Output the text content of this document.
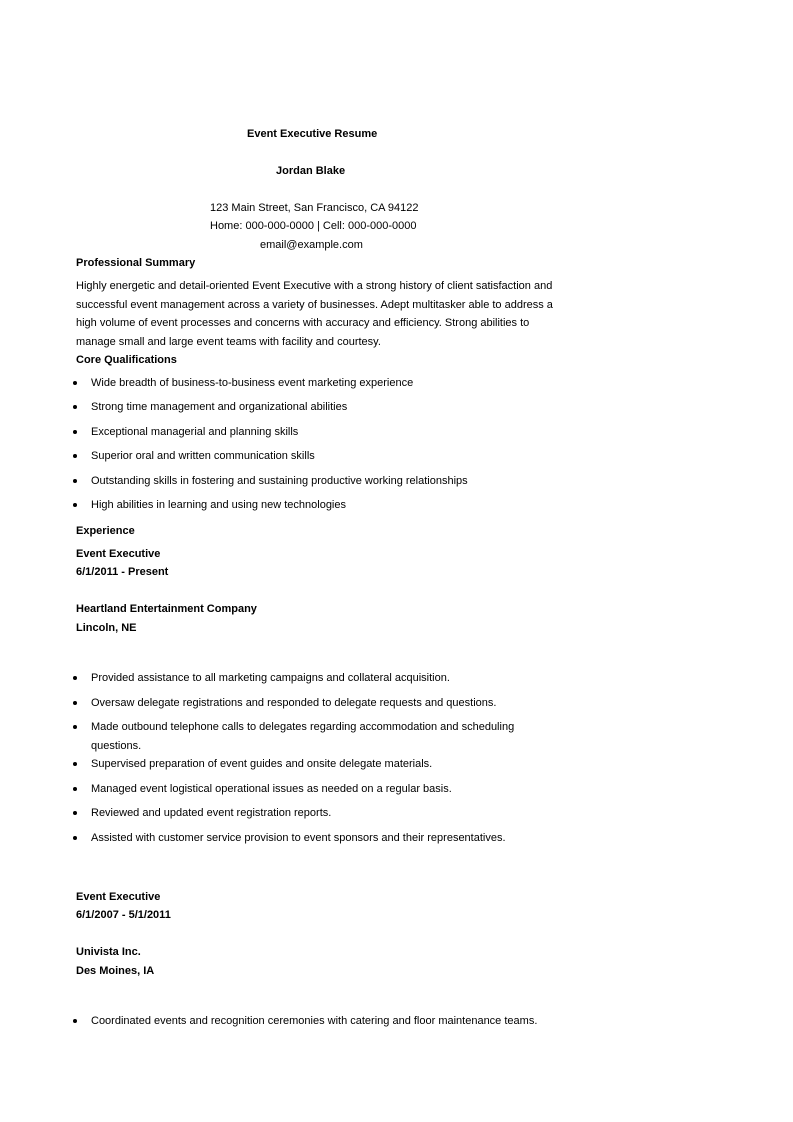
Event Executive Resume
Jordan Blake
123 Main Street, San Francisco, CA 94122
Home: 000-000-0000 | Cell: 000-000-0000
email@example.com
Professional Summary
Highly energetic and detail-oriented Event Executive with a strong history of client satisfaction and
successful event management across a variety of businesses. Adept multitasker able to address a
high volume of event processes and concerns with accuracy and efficiency. Strong abilities to
manage small and large event teams with facility and courtesy.
Core Qualifications
Wide breadth of business-to-business event marketing experience
Strong time management and organizational abilities
Exceptional managerial and planning skills
Superior oral and written communication skills
Outstanding skills in fostering and sustaining productive working relationships
High abilities in learning and using new technologies
Experience
Event Executive
6/1/2011 - Present
Heartland Entertainment Company
Lincoln, NE
Provided assistance to all marketing campaigns and collateral acquisition.
Oversaw delegate registrations and responded to delegate requests and questions.
Made outbound telephone calls to delegates regarding accommodation and scheduling
questions.
Supervised preparation of event guides and onsite delegate materials.
Managed event logistical operational issues as needed on a regular basis.
Reviewed and updated event registration reports.
Assisted with customer service provision to event sponsors and their representatives.
Event Executive
6/1/2007 - 5/1/2011
Univista Inc.
Des Moines, IA
Coordinated events and recognition ceremonies with catering and floor maintenance teams.
